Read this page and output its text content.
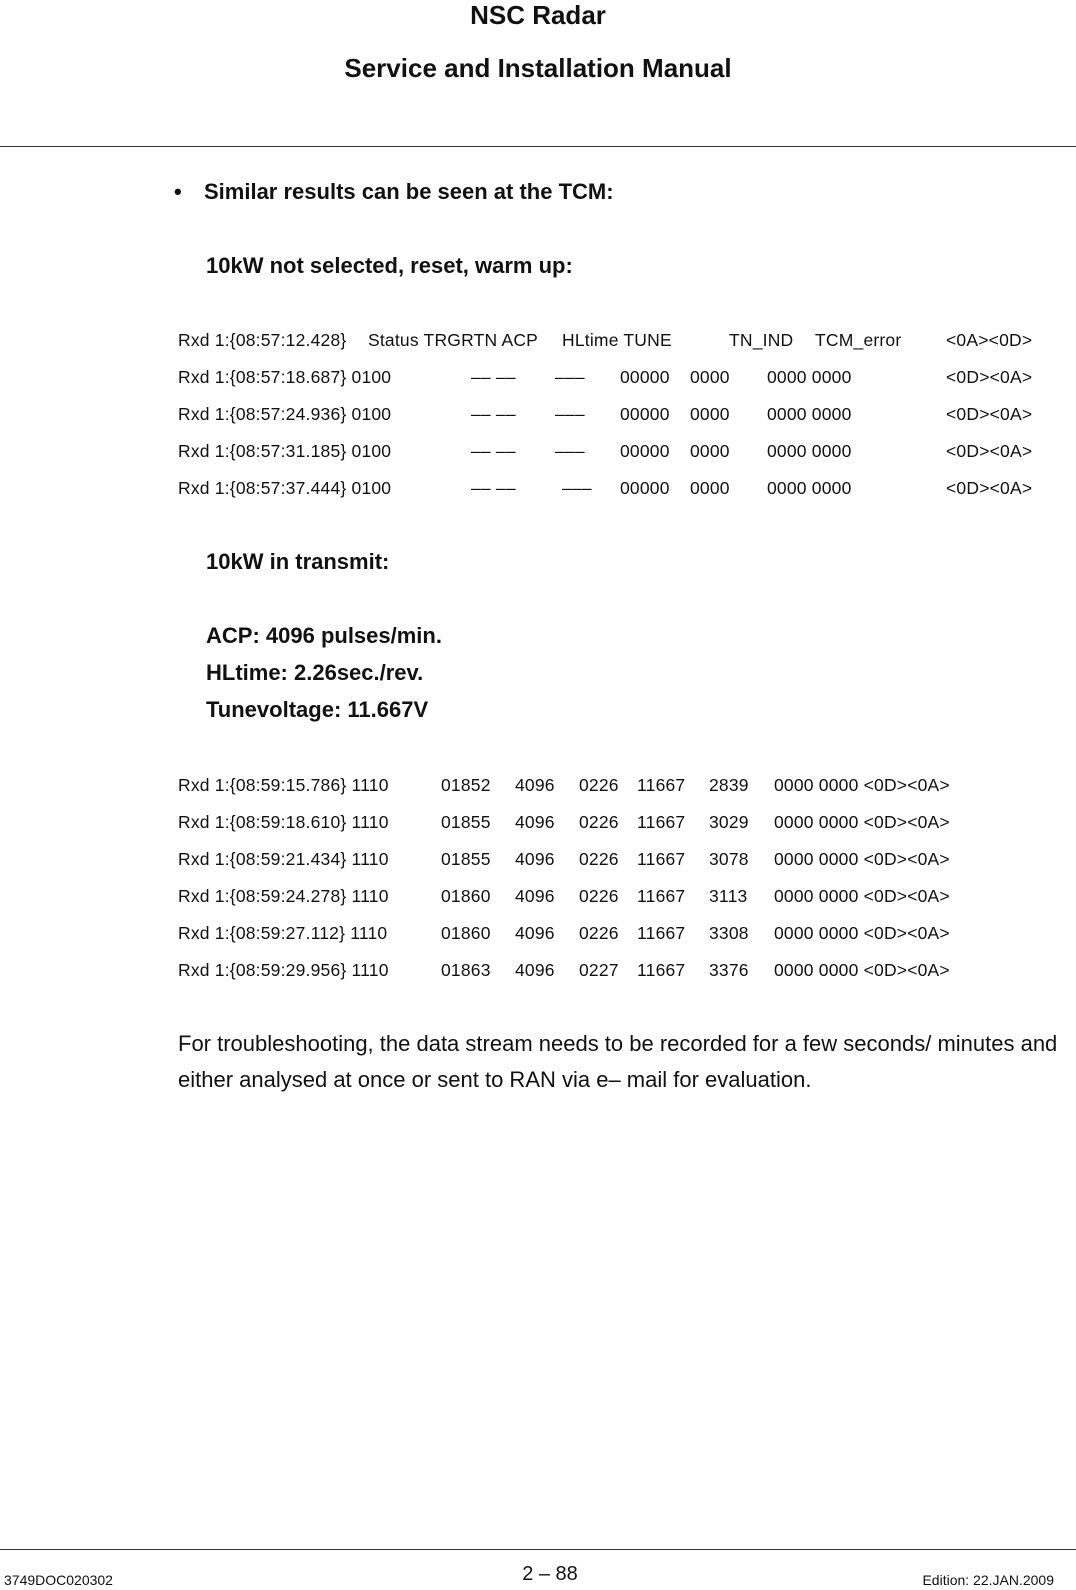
NSC Radar
Service and Installation Manual
• Similar results can be seen at the TCM:
10kW not selected, reset, warm up:
Rxd 1:{08:57:12.428} Status TRGRTN ACP HLtime TUNE	TN_IND TCM_error	<0A><0D>
Rxd 1:{08:57:18.687} 0100	–– –– ––– 00000 0000 0000 0000	<0D><0A>
Rxd 1:{08:57:24.936} 0100	–– –– ––– 00000 0000 0000 0000	<0D><0A>
Rxd 1:{08:57:31.185} 0100	–– –– ––– 00000 0000 0000 0000	<0D><0A>
Rxd 1:{08:57:37.444} 0100	–– ––	––– 00000 0000 0000 0000	<0D><0A>
10kW in transmit:
ACP: 4096 pulses/min.
HLtime: 2.26sec./rev.
Tunevoltage: 11.667V
Rxd 1:{08:59:15.786} 1110	01852 4096 0226 11667 2839 0000 0000 <0D><0A>
Rxd 1:{08:59:18.610} 1110	01855 4096 0226 11667 3029 0000 0000 <0D><0A>
Rxd 1:{08:59:21.434} 1110	01855 4096 0226 11667 3078 0000 0000 <0D><0A>
Rxd 1:{08:59:24.278} 1110	01860 4096 0226 11667 3113 0000 0000 <0D><0A>
Rxd 1:{08:59:27.112} 1110	01860 4096 0226 11667 3308 0000 0000 <0D><0A>
Rxd 1:{08:59:29.956} 1110	01863 4096 0227 11667 3376 0000 0000 <0D><0A>
For troubleshooting, the data stream needs to be recorded for a few seconds/ minutes and either analysed at once or sent to RAN via e– mail for evaluation.
3749DOC020302	2 – 88	Edition: 22.JAN.2009
